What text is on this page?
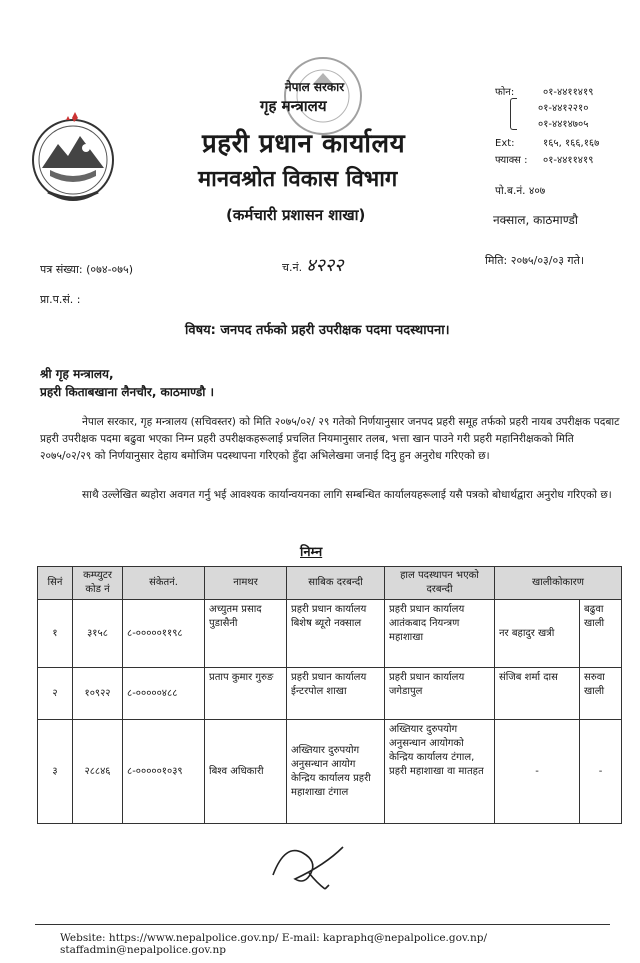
नेपाल सरकार
गृह मन्त्रालय
प्रहरी प्रधान कार्यालय
मानवश्रोत विकास विभाग
(कर्मचारी प्रशासन शाखा)
फोन:	०१-४४११४१९
०१-४४१२२१०
०१-४४१४७०५
Ext:	१६५, १६६,१६७
फ्याक्स : ०१-४४११४१९
पो.ब.नं. ४०७
नक्साल, काठमाण्डौ
पत्र संख्या: (०७४-०७५)	च.नं. ४२२२	मिति: २०७५/०३/०३ गते।
प्रा.प.सं. :
विषय: जनपद तर्फको प्रहरी उपरीक्षक पदमा पदस्थापना।
श्री गृह मन्त्रालय,
प्रहरी किताबखाना लैनचौर, काठमाण्डौ ।
नेपाल सरकार, गृह मन्त्रालय (सचिवस्तर) को मिति २०७५/०२/ २९ गतेको निर्णयानुसार जनपद प्रहरी समूह तर्फको प्रहरी नायब उपरीक्षक पदबाट प्रहरी उपरीक्षक पदमा बढुवा भएका निम्न प्रहरी उपरीक्षकहरूलाई प्रचलित नियमानुसार तलब, भत्ता खान पाउने गरी प्रहरी महानिरीक्षकको मिति २०७५/०२/२९ को निर्णयानुसार देहाय बमोजिम पदस्थापना गरिएको हुँदा अभिलेखमा जनाई दिनु हुन अनुरोध गरिएको छ।
साथै उल्लेखित ब्यहोरा अवगत गर्नु भई आवश्यक कार्यान्वयनका लागि सम्बन्धित कार्यालयहरूलाई यसै पत्रको बोधार्थद्वारा अनुरोध गरिएको छ।
निम्न
सिनं	कम्प्युटर कोड नं	संकेतनं.	नामथर	साबिक दरबन्दी	हाल पदस्थापन भएको दरबन्दी	खालीकोकारण	
१	३१५८	८-०००००११९८	अच्युतम प्रसाद पुडासैनी	प्रहरी प्रधान कार्यालय बिशेष ब्यूरो नक्साल	प्रहरी प्रधान कार्यालय आतंकबाद नियन्त्रण महाशाखा	नर बहादुर खत्री	बढुवा खाली
२	१०९२२	८-०००००४८८	प्रताप कुमार गुरुङ	प्रहरी प्रधान कार्यालय ईन्टरपोल शाखा	प्रहरी प्रधान कार्यालय जगेडापुल	संजिब शर्मा दास	सरुवा खाली
३	२८८४६	८-०००००१०३९	बिश्व अधिकारी	अख्तियार दुरुपयोग अनुसन्धान आयोग केन्द्रिय कार्यालय प्रहरी महाशाखा टंगाल	अख्तियार दुरुपयोग अनुसन्धान आयोगको केन्द्रिय कार्यालय टंगाल, प्रहरी महाशाखा वा मातहत	-	-
Website: https://www.nepalpolice.gov.np/ E-mail: kapraphq@nepalpolice.gov.np/ staffadmin@nepalpolice.gov.np
